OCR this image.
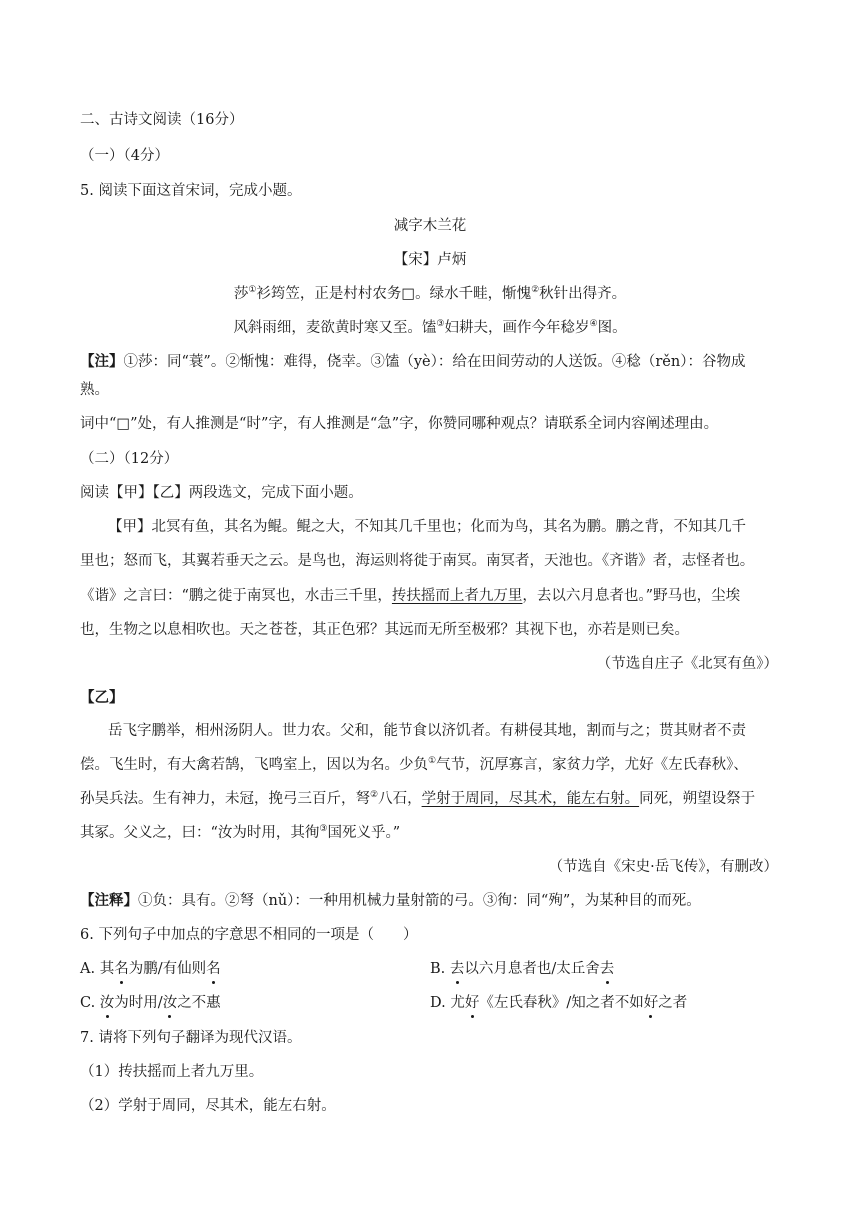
二、古诗文阅读（16分）
（一）（4分）
5. 阅读下面这首宋词，完成小题。
减字木兰花
【宋】卢炳
莎①衫筠笠，正是村村农务□。绿水千畦，惭愧②秋针出得齐。
风斜雨细，麦欲黄时寒又至。馌③妇耕夫，画作今年稔岁④图。
【注】①莎：同“蓑”。②惭愧：难得，侥幸。③馌（yè）：给在田间劳动的人送饭。④稔（rěn）：谷物成
熟。
词中“□”处，有人推测是“时”字，有人推测是“急”字，你赞同哪种观点？请联系全词内容阐述理由。
（二）（12分）
阅读【甲】【乙】两段选文，完成下面小题。
【甲】北冥有鱼，其名为鲲。鲲之大，不知其几千里也；化而为鸟，其名为鹏。鹏之背，不知其几千
里也；怒而飞，其翼若垂天之云。是鸟也，海运则将徙于南冥。南冥者，天池也。《齐谐》者，志怪者也。
《谐》之言曰：“鹏之徙于南冥也，水击三千里，抟扶摇而上者九万里，去以六月息者也。”野马也，尘埃
也，生物之以息相吹也。天之苍苍，其正色邪？其远而无所至极邪？其视下也，亦若是则已矣。
（节选自庄子《北冥有鱼》）
【乙】
岳飞字鹏举，相州汤阴人。世力农。父和，能节食以济饥者。有耕侵其地，割而与之；贳其财者不责
偿。飞生时，有大禽若鹄，飞鸣室上，因以为名。少负①气节，沉厚寡言，家贫力学，尤好《左氏春秋》、
孙吴兵法。生有神力，未冠，挽弓三百斤，弩②八石，学射于周同，尽其术，能左右射。同死，朔望设祭于
其冢。父义之，曰：“汝为时用，其徇③国死义乎。”
（节选自《宋史·岳飞传》，有删改）
【注释】①负：具有。②弩（nǔ）：一种用机械力量射箭的弓。③徇：同“殉”，为某种目的而死。
6. 下列句子中加点的字意思不相同的一项是（　　）
A. 其名为鹏/有仙则名	B. 去以六月息者也/太丘舍去
C. 汝为时用/汝之不惠	D. 尤好《左氏春秋》/知之者不如好之者
7. 请将下列句子翻译为现代汉语。
（1）抟扶摇而上者九万里。
（2）学射于周同，尽其术，能左右射。
